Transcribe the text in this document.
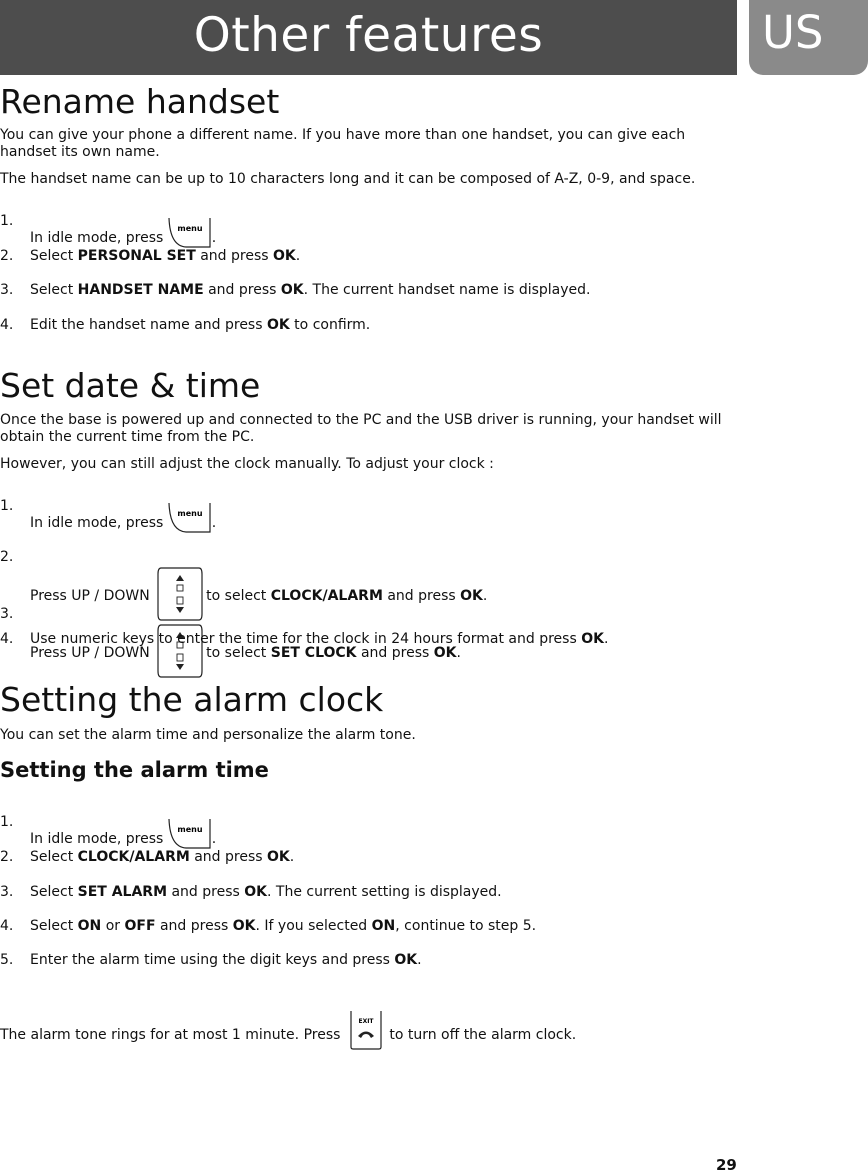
Other features	US
Rename handset
You can give your phone a different name. If you have more than one handset, you can give each handset its own name.
The handset name can be up to 10 characters long and it can be composed of A-Z, 0-9, and space.
1.
In idle mode, press
menu
.
2. Select PERSONAL SET and press OK.
3. Select HANDSET NAME and press OK. The current handset name is displayed.
4. Edit the handset name and press OK to confirm.
Set date & time
Once the base is powered up and connected to the PC and the USB driver is running, your handset will obtain the current time from the PC.
However, you can still adjust the clock manually. To adjust your clock :
1.
In idle mode, press
menu
.
2.
Press UP / DOWN	to select CLOCK/ALARM and press OK.
3.
Press UP / DOWN	to select SET CLOCK and press OK.
4. Use numeric keys to enter the time for the clock in 24 hours format and press OK.
Setting the alarm clock
You can set the alarm time and personalize the alarm tone.
Setting the alarm time
1.
In idle mode, press
menu
.
2. Select CLOCK/ALARM and press OK.
3. Select SET ALARM and press OK. The current setting is displayed.
4. Select ON or OFF and press OK. If you selected ON, continue to step 5.
5. Enter the alarm time using the digit keys and press OK.
The alarm tone rings for at most 1 minute. Press
EXIT
to turn off the alarm clock.
29
